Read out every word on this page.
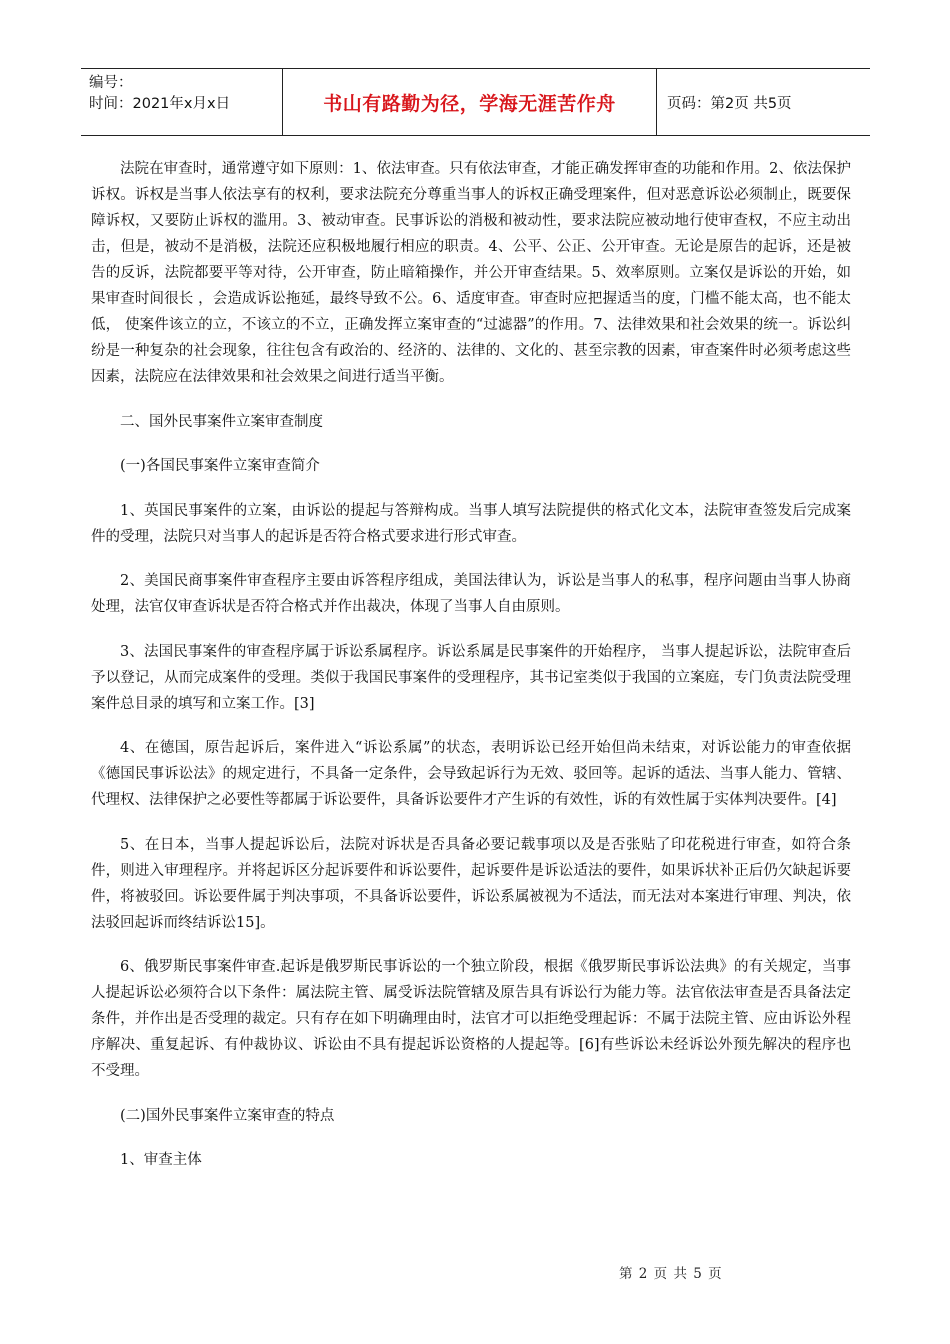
编号：
时间：2021年x月x日	书山有路勤为径，学海无涯苦作舟	页码：第2页 共5页

法院在审查时，通常遵守如下原则：1、依法审查。只有依法审查，才能正确发挥审查的功能和作用。2、依法保护诉权。诉权是当事人依法享有的权利，要求法院充分尊重当事人的诉权正确受理案件，但对恶意诉讼必须制止，既要保障诉权，又要防止诉权的滥用。3、被动审查。民事诉讼的消极和被动性，要求法院应被动地行使审查权，不应主动出击，但是，被动不是消极，法院还应积极地履行相应的职责。4、公平、公正、公开审查。无论是原告的起诉，还是被告的反诉，法院都要平等对待，公开审查，防止暗箱操作，并公开审查结果。5、效率原则。立案仅是诉讼的开始，如果审查时间很长 ，会造成诉讼拖延，最终导致不公。6、适度审查。审查时应把握适当的度，门槛不能太高，也不能太低， 使案件该立的立，不该立的不立，正确发挥立案审查的“过滤器”的作用。7、法律效果和社会效果的统一。诉讼纠纷是一种复杂的社会现象，往往包含有政治的、经济的、法律的、文化的、甚至宗教的因素，审查案件时必须考虑这些因素，法院应在法律效果和社会效果之间进行适当平衡。

二、国外民事案件立案审查制度

(一)各国民事案件立案审查简介

1、英国民事案件的立案，由诉讼的提起与答辩构成。当事人填写法院提供的格式化文本，法院审查签发后完成案件的受理，法院只对当事人的起诉是否符合格式要求进行形式审查。

2、美国民商事案件审查程序主要由诉答程序组成，美国法律认为，诉讼是当事人的私事，程序问题由当事人协商处理，法官仅审查诉状是否符合格式并作出裁决，体现了当事人自由原则。

3、法国民事案件的审查程序属于诉讼系属程序。诉讼系属是民事案件的开始程序， 当事人提起诉讼，法院审查后予以登记，从而完成案件的受理。类似于我国民事案件的受理程序，其书记室类似于我国的立案庭，专门负责法院受理案件总目录的填写和立案工作。[3]

4、在德国，原告起诉后，案件进入“诉讼系属”的状态，表明诉讼已经开始但尚未结束，对诉讼能力的审查依据《德国民事诉讼法》的规定进行，不具备一定条件，会导致起诉行为无效、驳回等。起诉的适法、当事人能力、管辖、代理权、法律保护之必要性等都属于诉讼要件，具备诉讼要件才产生诉的有效性，诉的有效性属于实体判决要件。[4]

5、在日本，当事人提起诉讼后，法院对诉状是否具备必要记载事项以及是否张贴了印花税进行审查，如符合条件，则进入审理程序。并将起诉区分起诉要件和诉讼要件，起诉要件是诉讼适法的要件，如果诉状补正后仍欠缺起诉要件，将被驳回。诉讼要件属于判决事项，不具备诉讼要件，诉讼系属被视为不适法，而无法对本案进行审理、判决，依法驳回起诉而终结诉讼15]。

6、俄罗斯民事案件审查.起诉是俄罗斯民事诉讼的一个独立阶段，根据《俄罗斯民事诉讼法典》的有关规定，当事人提起诉讼必须符合以下条件：属法院主管、属受诉法院管辖及原告具有诉讼行为能力等。法官依法审查是否具备法定条件，并作出是否受理的裁定。只有存在如下明确理由时，法官才可以拒绝受理起诉：不属于法院主管、应由诉讼外程序解决、重复起诉、有仲裁协议、诉讼由不具有提起诉讼资格的人提起等。[6]有些诉讼未经诉讼外预先解决的程序也不受理。

(二)国外民事案件立案审查的特点

1、审查主体

第 2 页 共 5 页
